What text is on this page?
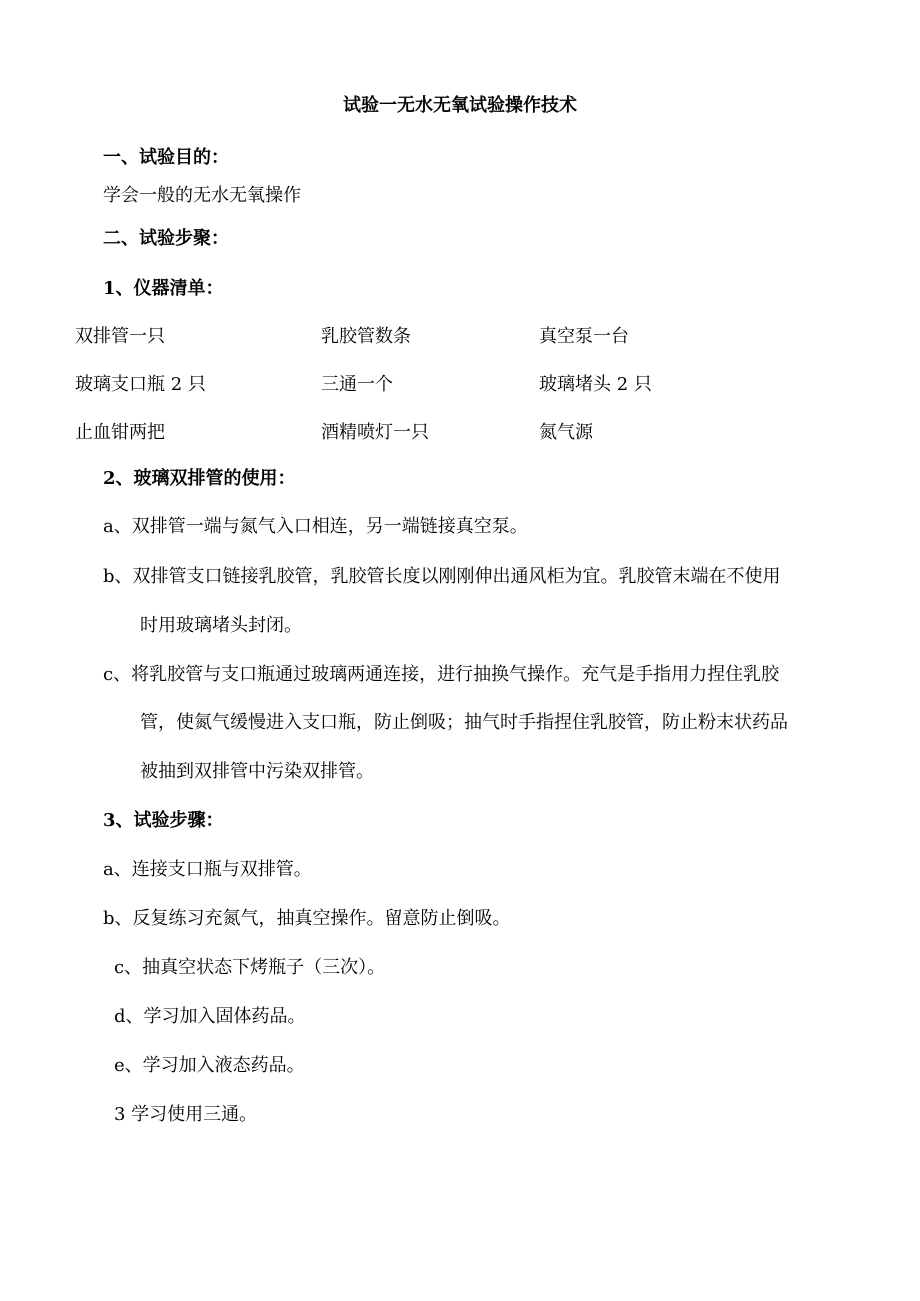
试验一无水无氧试验操作技术
一、试验目的：
学会一般的无水无氧操作
二、试验步聚：
1、仪器清单：
双排管一只	乳胶管数条	真空泵一台
玻璃支口瓶 2 只	三通一个	玻璃堵头 2 只
止血钳两把	酒精喷灯一只	氮气源
2、玻璃双排管的使用：
a、双排管一端与氮气入口相连，另一端链接真空泵。
b、双排管支口链接乳胶管，乳胶管长度以刚刚伸出通风柜为宜。乳胶管末端在不使用
时用玻璃堵头封闭。
c、将乳胶管与支口瓶通过玻璃两通连接，进行抽换气操作。充气是手指用力捏住乳胶
管，使氮气缓慢进入支口瓶，防止倒吸；抽气时手指捏住乳胶管，防止粉末状药品
被抽到双排管中污染双排管。
3、试验步骤：
a、连接支口瓶与双排管。
b、反复练习充氮气，抽真空操作。留意防止倒吸。
c、抽真空状态下烤瓶子（三次）。
d、学习加入固体药品。
e、学习加入液态药品。
3 学习使用三通。
